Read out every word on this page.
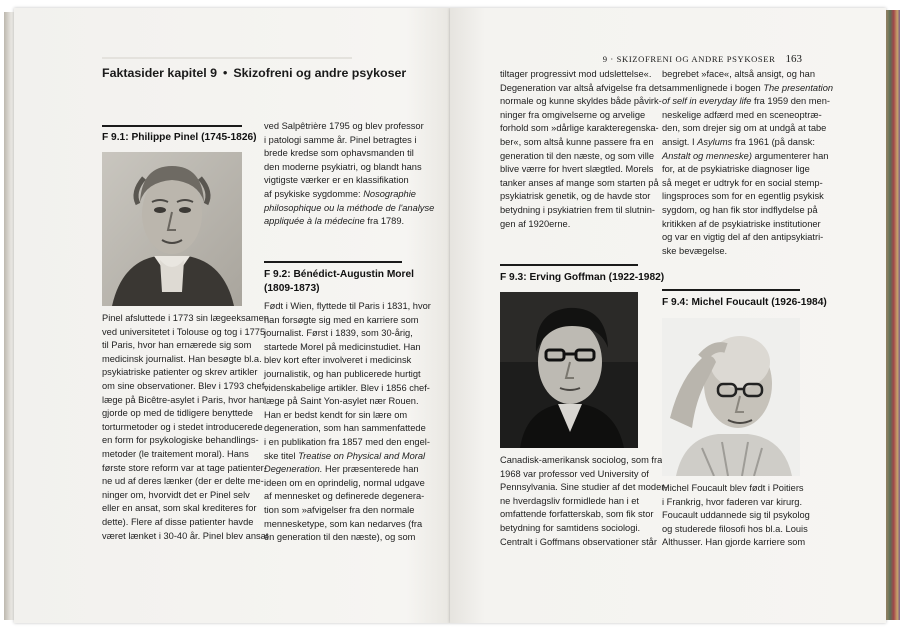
Faktasider kapitel 9 • Skizofreni og andre psykoser
F 9.1: Philippe Pinel (1745-1826)
Pinel afsluttede i 1773 sin lægeeksamen
ved universitetet i Tolouse og tog i 1775
til Paris, hvor han ernærede sig som
medicinsk journalist. Han besøgte bl.a.
psykiatriske patienter og skrev artikler
om sine observationer. Blev i 1793 chef-
læge på Bicêtre-asylet i Paris, hvor han
gjorde op med de tidligere benyttede
torturmetoder og i stedet introducerede
en form for psykologiske behandlings-
metoder (le traitement moral). Hans
første store reform var at tage patienter-
ne ud af deres lænker (der er delte me-
ninger om, hvorvidt det er Pinel selv
eller en ansat, som skal krediteres for
dette). Flere af disse patienter havde
været lænket i 30-40 år. Pinel blev ansat
ved Salpêtrière 1795 og blev professor
i patologi samme år. Pinel betragtes i
brede kredse som ophavsmanden til
den moderne psykiatri, og blandt hans
vigtigste værker er en klassifikation
af psykiske sygdomme: Nosographie
philosophique ou la méthode de l'analyse
appliquée à la médecine fra 1789.
F 9.2: Bénédict-Augustin Morel
(1809-1873)
Født i Wien, flyttede til Paris i 1831, hvor
han forsøgte sig med en karriere som
journalist. Først i 1839, som 30-årig,
startede Morel på medicinstudiet. Han
blev kort efter involveret i medicinsk
journalistik, og han publicerede hurtigt
videnskabelige artikler. Blev i 1856 chef-
læge på Saint Yon-asylet nær Rouen.
Han er bedst kendt for sin lære om
degeneration, som han sammenfattede
i en publikation fra 1857 med den engel-
ske titel Treatise on Physical and Moral
Degeneration. Her præsenterede han
ideen om en oprindelig, normal udgave
af mennesket og definerede degenera-
tion som »afvigelser fra den normale
mennesketype, som kan nedarves (fra
en generation til den næste), og som
9 · SKIZOFRENI OG ANDRE PSYKOSER 163
tiltager progressivt mod udslettelse«.
Degeneration var altså afvigelse fra det
normale og kunne skyldes både påvirk-
ninger fra omgivelserne og arvelige
forhold som »dårlige karakteregenska-
ber«, som altså kunne passere fra en
generation til den næste, og som ville
blive værre for hvert slægtled. Morels
tanker anses af mange som starten på
psykiatrisk genetik, og de havde stor
betydning i psykiatrien frem til slutnin-
gen af 1920erne.
F 9.3: Erving Goffman (1922-1982)
Canadisk-amerikansk sociolog, som fra
1968 var professor ved University of
Pennsylvania. Sine studier af det moder-
ne hverdagsliv formidlede han i et
omfattende forfatterskab, som fik stor
betydning for samtidens sociologi.
Centralt i Goffmans observationer står
begrebet »face«, altså ansigt, og han
sammenlignede i bogen The presentation
of self in everyday life fra 1959 den men-
neskelige adfærd med en sceneoptræ-
den, som drejer sig om at undgå at tabe
ansigt. I Asylums fra 1961 (på dansk:
Anstalt og menneske) argumenterer han
for, at de psykiatriske diagnoser lige
så meget er udtryk for en social stemp-
lingsproces som for en egentlig psykisk
sygdom, og han fik stor indflydelse på
kritikken af de psykiatriske institutioner
og var en vigtig del af den antipsykiatri-
ske bevægelse.
F 9.4: Michel Foucault (1926-1984)
Michel Foucault blev født i Poitiers
i Frankrig, hvor faderen var kirurg.
Foucault uddannede sig til psykolog
og studerede filosofi hos bl.a. Louis
Althusser. Han gjorde karriere som
